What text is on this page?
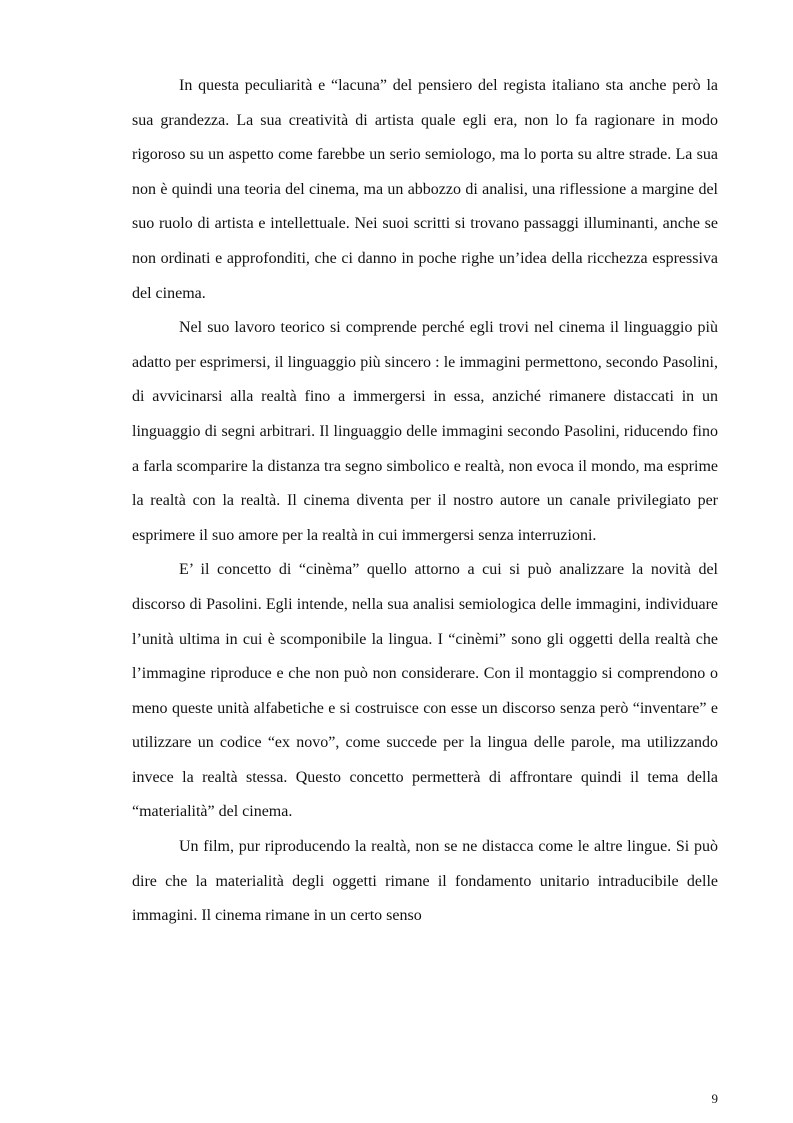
In questa peculiarità e “lacuna” del pensiero del regista italiano sta anche però la sua grandezza. La sua creatività di artista quale egli era, non lo fa ragionare in modo rigoroso su un aspetto come farebbe un serio semiologo, ma lo porta su altre strade. La sua non è quindi una teoria del cinema, ma un abbozzo di analisi, una riflessione a margine del suo ruolo di artista e intellettuale. Nei suoi scritti si trovano passaggi illuminanti, anche se non ordinati e approfonditi, che ci danno in poche righe un’idea della ricchezza espressiva del cinema.

Nel suo lavoro teorico si comprende perché egli trovi nel cinema il linguaggio più adatto per esprimersi, il linguaggio più sincero : le immagini permettono, secondo Pasolini, di avvicinarsi alla realtà fino a immergersi in essa, anziché rimanere distaccati in un linguaggio di segni arbitrari. Il linguaggio delle immagini secondo Pasolini, riducendo fino a farla scomparire la distanza tra segno simbolico e realtà, non evoca il mondo, ma esprime la realtà con la realtà. Il cinema diventa per il nostro autore un canale privilegiato per esprimere il suo amore per la realtà in cui immergersi senza interruzioni.

E’ il concetto di “cinèma” quello attorno a cui si può analizzare la novità del discorso di Pasolini. Egli intende, nella sua analisi semiologica delle immagini, individuare l’unità ultima in cui è scomponibile la lingua. I “cinèmi” sono gli oggetti della realtà che l’immagine riproduce e che non può non considerare. Con il montaggio si comprendono o meno queste unità alfabetiche e si costruisce con esse un discorso senza però “inventare” e utilizzare un codice “ex novo”, come succede per la lingua delle parole, ma utilizzando invece la realtà stessa. Questo concetto permetterà di affrontare quindi il tema della “materialità” del cinema.

Un film, pur riproducendo la realtà, non se ne distacca come le altre lingue. Si può dire che la materialità degli oggetti rimane il fondamento unitario intraducibile delle immagini. Il cinema rimane in un certo senso

9
